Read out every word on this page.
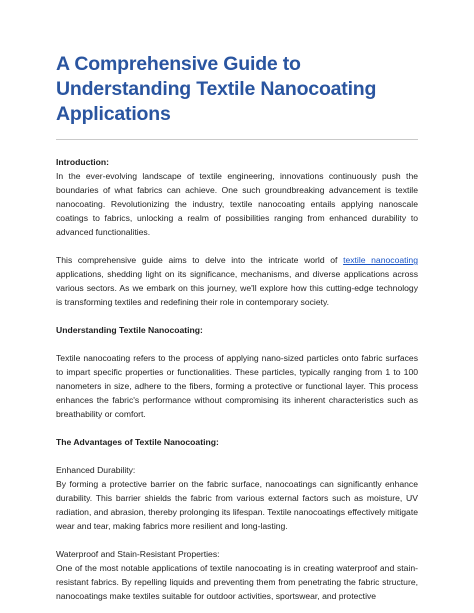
A Comprehensive Guide to Understanding Textile Nanocoating Applications

Introduction:

In the ever-evolving landscape of textile engineering, innovations continuously push the boundaries of what fabrics can achieve. One such groundbreaking advancement is textile nanocoating. Revolutionizing the industry, textile nanocoating entails applying nanoscale coatings to fabrics, unlocking a realm of possibilities ranging from enhanced durability to advanced functionalities.

This comprehensive guide aims to delve into the intricate world of textile nanocoating applications, shedding light on its significance, mechanisms, and diverse applications across various sectors. As we embark on this journey, we'll explore how this cutting-edge technology is transforming textiles and redefining their role in contemporary society.

Understanding Textile Nanocoating:

Textile nanocoating refers to the process of applying nano-sized particles onto fabric surfaces to impart specific properties or functionalities. These particles, typically ranging from 1 to 100 nanometers in size, adhere to the fibers, forming a protective or functional layer. This process enhances the fabric's performance without compromising its inherent characteristics such as breathability or comfort.

The Advantages of Textile Nanocoating:

Enhanced Durability:

By forming a protective barrier on the fabric surface, nanocoatings can significantly enhance durability. This barrier shields the fabric from various external factors such as moisture, UV radiation, and abrasion, thereby prolonging its lifespan. Textile nanocoatings effectively mitigate wear and tear, making fabrics more resilient and long-lasting.

Waterproof and Stain-Resistant Properties:

One of the most notable applications of textile nanocoating is in creating waterproof and stain-resistant fabrics. By repelling liquids and preventing them from penetrating the fabric structure, nanocoatings make textiles suitable for outdoor activities, sportswear, and protective
